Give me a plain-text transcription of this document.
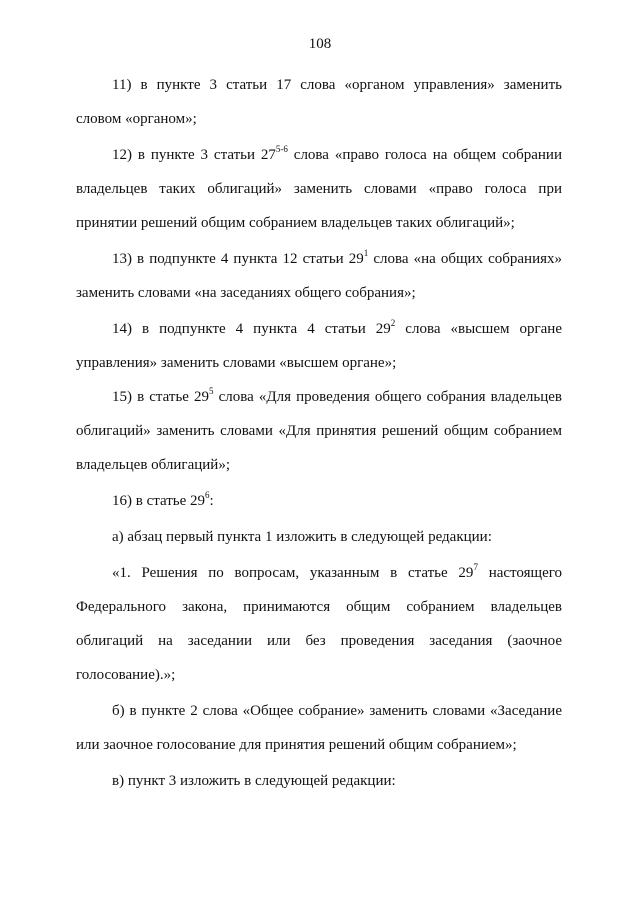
108

11) в пункте 3 статьи 17 слова «органом управления» заменить словом «органом»;

12) в пункте 3 статьи 27$^{5-6}$ слова «право голоса на общем собрании владельцев таких облигаций» заменить словами «право голоса при принятии решений общим собранием владельцев таких облигаций»;

13) в подпункте 4 пункта 12 статьи $29^1$ слова «на общих собраниях» заменить словами «на заседаниях общего собрания»;

14) в подпункте 4 пункта 4 статьи $29^2$ слова «высшем органе управления» заменить словами «высшем органе»;

15) в статье $29^5$ слова «Для проведения общего собрания владельцев облигаций» заменить словами «Для принятия решений общим собранием владельцев облигаций»;

16) в статье $29^6$:

а) абзац первый пункта 1 изложить в следующей редакции:

«1. Решения по вопросам, указанным в статье $29^7$ настоящего Федерального закона, принимаются общим собранием владельцев облигаций на заседании или без проведения заседания (заочное голосование).»;

б) в пункте 2 слова «Общее собрание» заменить словами «Заседание или заочное голосование для принятия решений общим собранием»;

в) пункт 3 изложить в следующей редакции:
